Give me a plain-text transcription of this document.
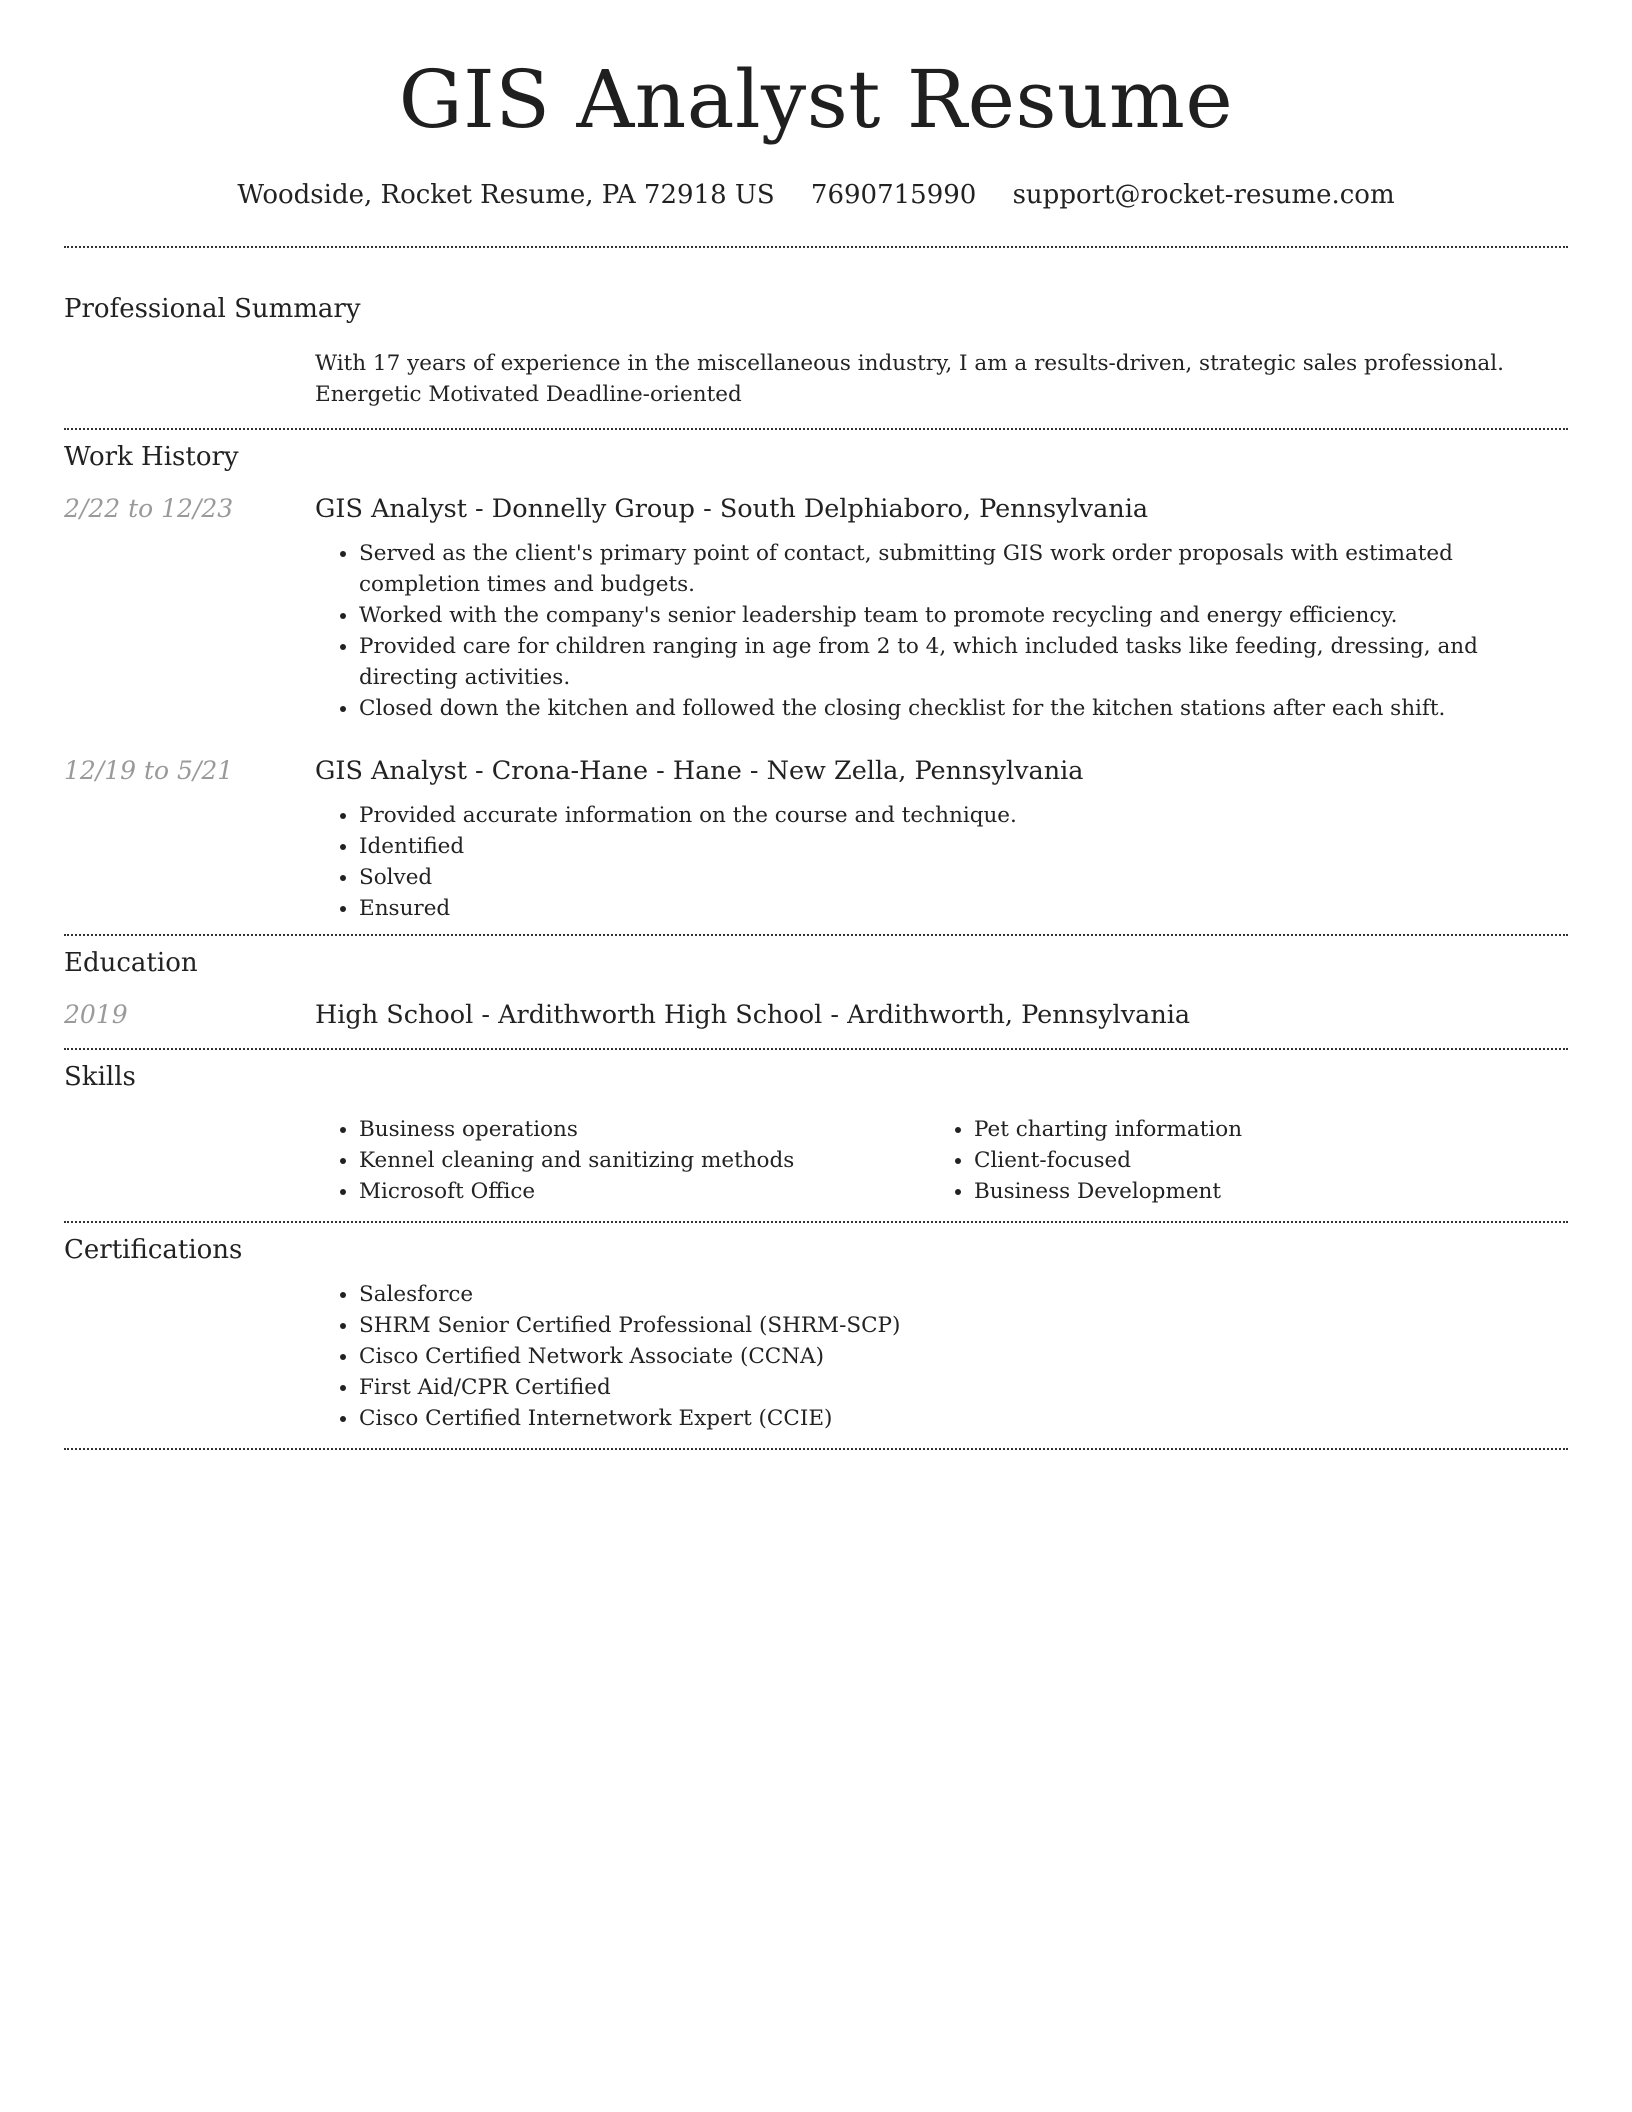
GIS Analyst Resume
Woodside, Rocket Resume, PA 72918 US 7690715990 support@rocket-resume.com
Professional Summary

With 17 years of experience in the miscellaneous industry, I am a results-driven, strategic sales professional. Energetic Motivated Deadline-oriented

Work History
2/22 to 12/23	GIS Analyst - Donnelly Group - South Delphiaboro, Pennsylvania
• Served as the client's primary point of contact, submitting GIS work order proposals with estimated completion times and budgets.
• Worked with the company's senior leadership team to promote recycling and energy efficiency.
• Provided care for children ranging in age from 2 to 4, which included tasks like feeding, dressing, and directing activities.
• Closed down the kitchen and followed the closing checklist for the kitchen stations after each shift.
12/19 to 5/21	GIS Analyst - Crona-Hane - Hane - New Zella, Pennsylvania
• Provided accurate information on the course and technique.
• Identified
• Solved
• Ensured
Education
2019	High School - Ardithworth High School - Ardithworth, Pennsylvania
Skills
• Business operations
• Kennel cleaning and sanitizing methods
• Microsoft Office
• Pet charting information
• Client-focused
• Business Development
Certifications
• Salesforce
• SHRM Senior Certified Professional (SHRM-SCP)
• Cisco Certified Network Associate (CCNA)
• First Aid/CPR Certified
• Cisco Certified Internetwork Expert (CCIE)
